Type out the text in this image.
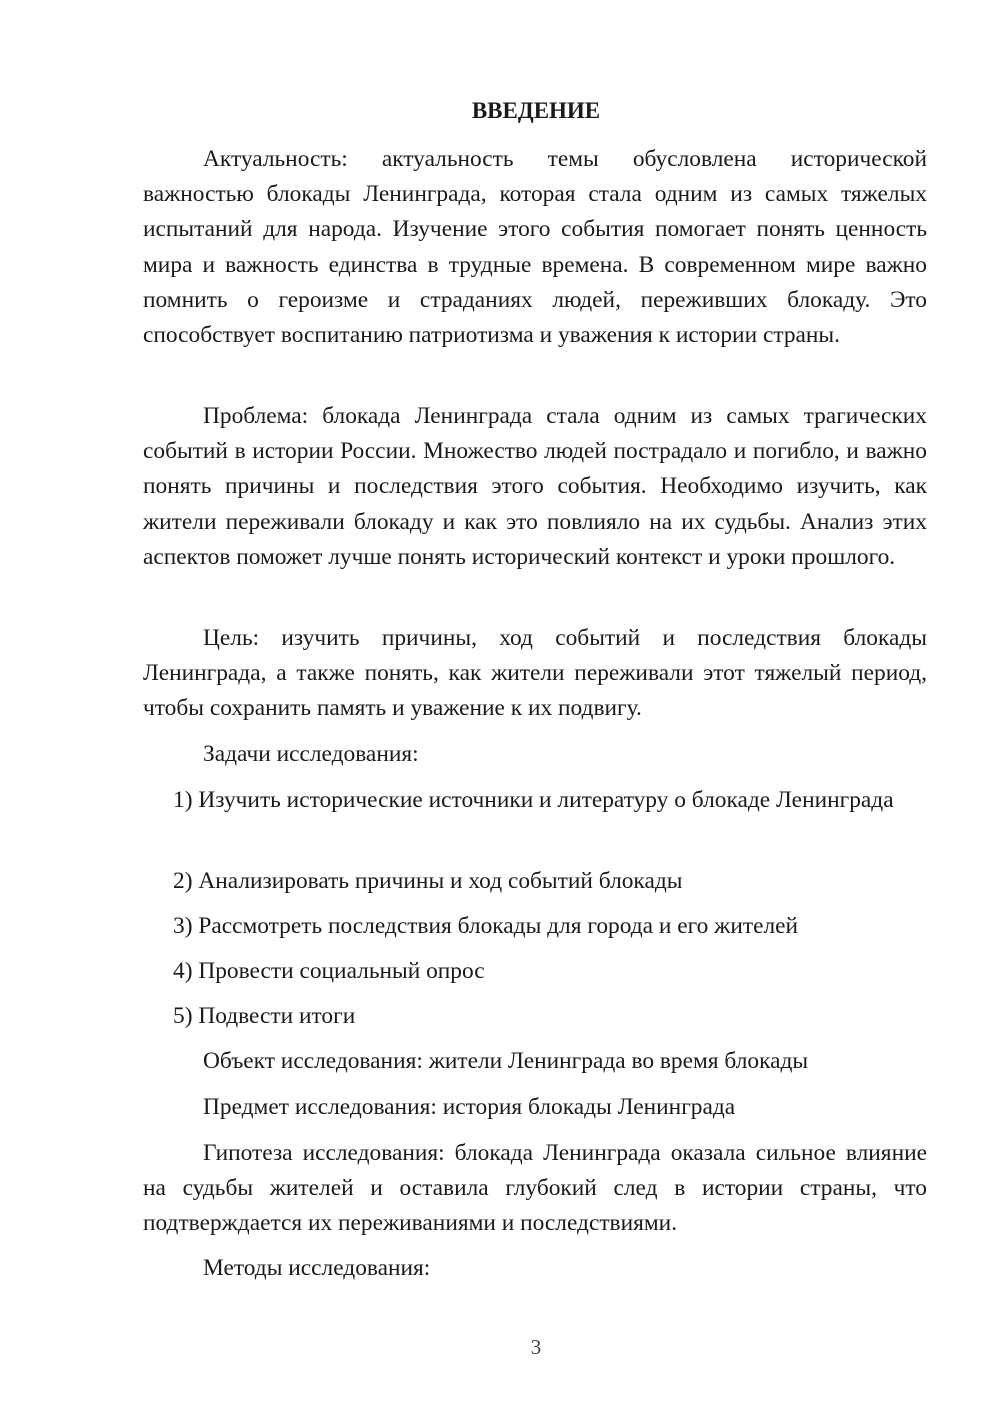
ВВЕДЕНИЕ

Актуальность: актуальность темы обусловлена исторической важностью блокады Ленинграда, которая стала одним из самых тяжелых испытаний для народа. Изучение этого события помогает понять ценность мира и важность единства в трудные времена. В современном мире важно помнить о героизме и страданиях людей, переживших блокаду. Это способствует воспитанию патриотизма и уважения к истории страны.

Проблема: блокада Ленинграда стала одним из самых трагических событий в истории России. Множество людей пострадало и погибло, и важно понять причины и последствия этого события. Необходимо изучить, как жители переживали блокаду и как это повлияло на их судьбы. Анализ этих аспектов поможет лучше понять исторический контекст и уроки прошлого.

Цель: изучить причины, ход событий и последствия блокады Ленинграда, а также понять, как жители переживали этот тяжелый период, чтобы сохранить память и уважение к их подвигу.

Задачи исследования:

1) Изучить исторические источники и литературу о блокаде Ленинграда

2) Анализировать причины и ход событий блокады

3) Рассмотреть последствия блокады для города и его жителей

4) Провести социальный опрос

5) Подвести итоги

Объект исследования: жители Ленинграда во время блокады

Предмет исследования: история блокады Ленинграда

Гипотеза исследования: блокада Ленинграда оказала сильное влияние на судьбы жителей и оставила глубокий след в истории страны, что подтверждается их переживаниями и последствиями.

Методы исследования:

3
